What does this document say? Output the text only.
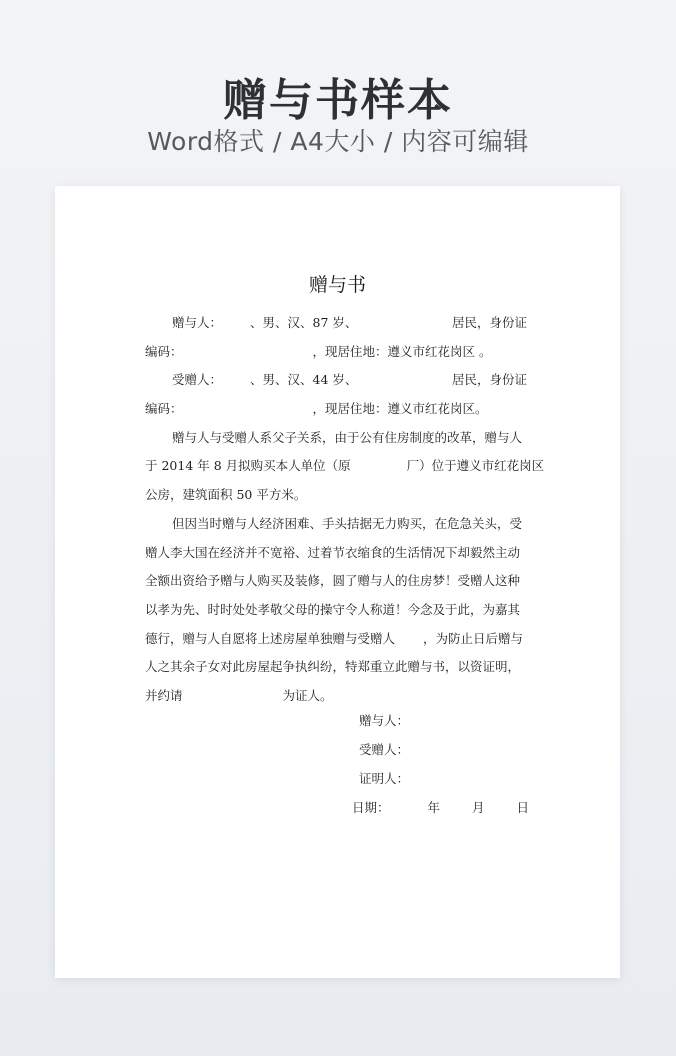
赠与书样本
Word格式 / A4大小 / 内容可编辑
赠与书
赠与人： 、男、汉、87 岁、	居民，身份证
编码：	，现居住地：遵义市红花岗区 。
受赠人： 、男、汉、44 岁、	居民，身份证
编码：	，现居住地：遵义市红花岗区。
赠与人与受赠人系父子关系，由于公有住房制度的改革，赠与人
于 2014 年 8 月拟购买本人单位（原	厂）位于遵义市红花岗区
公房，建筑面积 50 平方米。
但因当时赠与人经济困难、手头拮据无力购买，在危急关头，受
赠人李大国在经济并不宽裕、过着节衣缩食的生活情况下却毅然主动
全额出资给予赠与人购买及装修，圆了赠与人的住房梦！受赠人这种
以孝为先、时时处处孝敬父母的操守令人称道！今念及于此，为嘉其
德行，赠与人自愿将上述房屋单独赠与受赠人 ，为防止日后赠与
人之其余子女对此房屋起争执纠纷，特郑重立此赠与书，以资证明，
并约请	为证人。
赠与人：
受赠人：
证明人：
日期：	年	月	日
